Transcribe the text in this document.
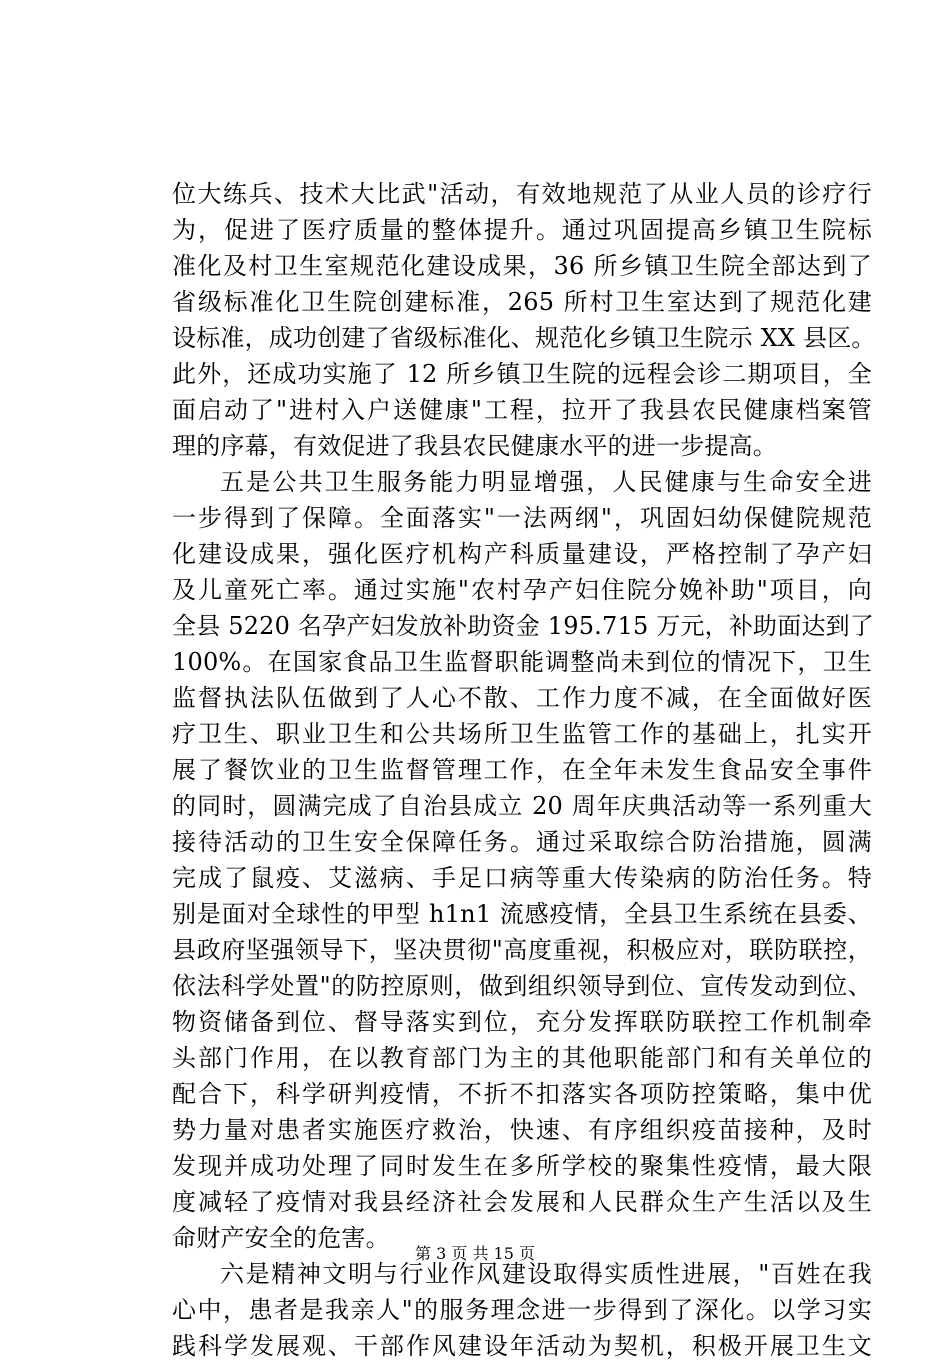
位大练兵、技术大比武"活动，有效地规范了从业人员的诊疗行
为，促进了医疗质量的整体提升。通过巩固提高乡镇卫生院标
准化及村卫生室规范化建设成果，36 所乡镇卫生院全部达到了
省级标准化卫生院创建标准，265 所村卫生室达到了规范化建
设标准，成功创建了省级标准化、规范化乡镇卫生院示 XX 县区。
此外，还成功实施了 12 所乡镇卫生院的远程会诊二期项目，全
面启动了"进村入户送健康"工程，拉开了我县农民健康档案管
理的序幕，有效促进了我县农民健康水平的进一步提高。
五是公共卫生服务能力明显增强，人民健康与生命安全进
一步得到了保障。全面落实"一法两纲"，巩固妇幼保健院规范
化建设成果，强化医疗机构产科质量建设，严格控制了孕产妇
及儿童死亡率。通过实施"农村孕产妇住院分娩补助"项目，向
全县 5220 名孕产妇发放补助资金 195.715 万元，补助面达到了
100%。在国家食品卫生监督职能调整尚未到位的情况下，卫生
监督执法队伍做到了人心不散、工作力度不减，在全面做好医
疗卫生、职业卫生和公共场所卫生监管工作的基础上，扎实开
展了餐饮业的卫生监督管理工作，在全年未发生食品安全事件
的同时，圆满完成了自治县成立 20 周年庆典活动等一系列重大
接待活动的卫生安全保障任务。通过采取综合防治措施，圆满
完成了鼠疫、艾滋病、手足口病等重大传染病的防治任务。特
别是面对全球性的甲型 h1n1 流感疫情，全县卫生系统在县委、
县政府坚强领导下，坚决贯彻"高度重视，积极应对，联防联控，
依法科学处置"的防控原则，做到组织领导到位、宣传发动到位、
物资储备到位、督导落实到位，充分发挥联防联控工作机制牵
头部门作用，在以教育部门为主的其他职能部门和有关单位的
配合下，科学研判疫情，不折不扣落实各项防控策略，集中优
势力量对患者实施医疗救治，快速、有序组织疫苗接种，及时
发现并成功处理了同时发生在多所学校的聚集性疫情，最大限
度减轻了疫情对我县经济社会发展和人民群众生产生活以及生
命财产安全的危害。
六是精神文明与行业作风建设取得实质性进展，"百姓在我
心中，患者是我亲人"的服务理念进一步得到了深化。以学习实
践科学发展观、干部作风建设年活动为契机，积极开展卫生文
第 3 页 共 15 页
